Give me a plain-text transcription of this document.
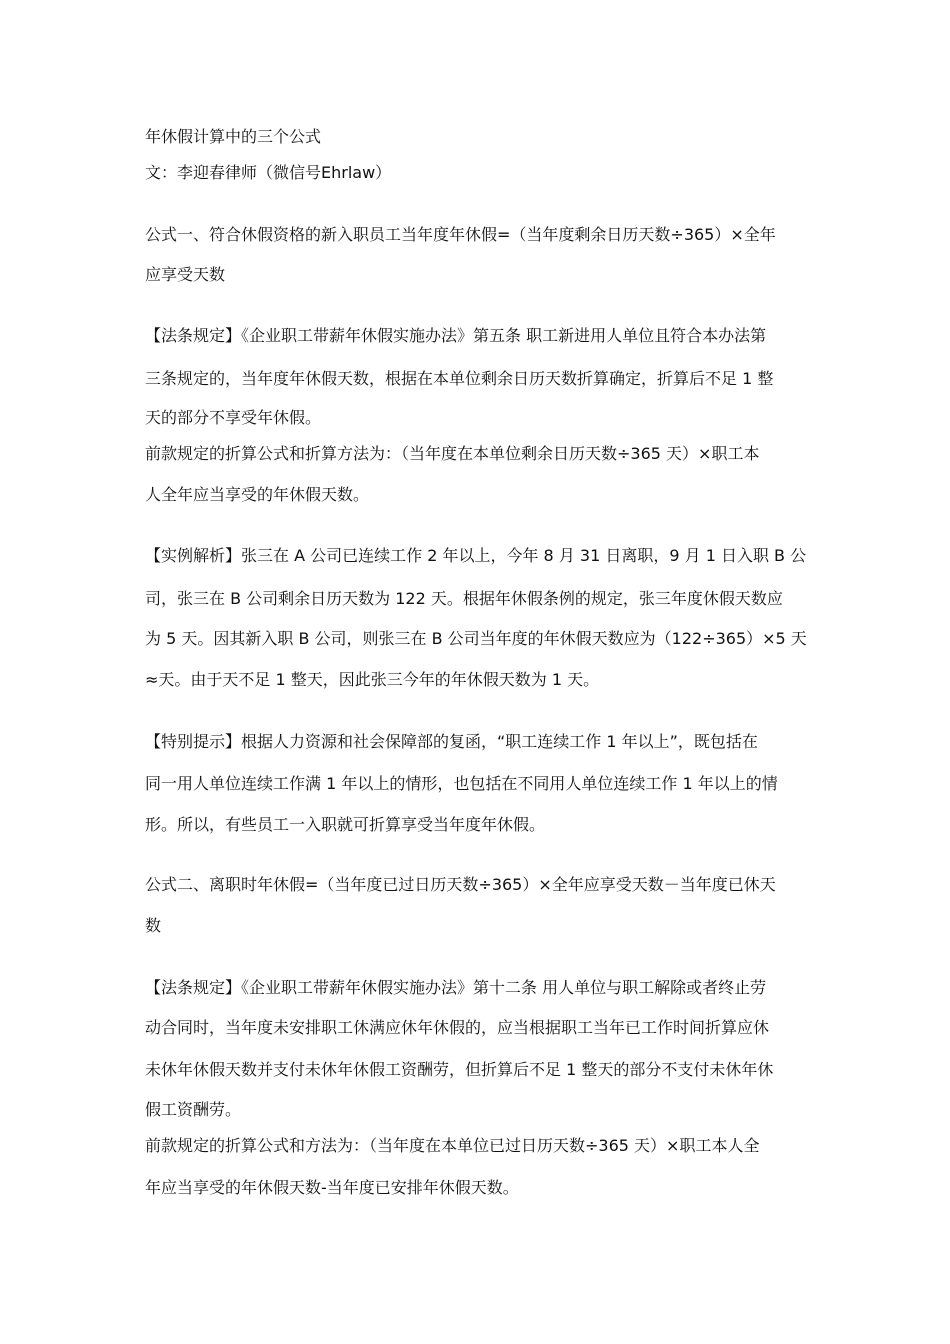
年休假计算中的三个公式
文：李迎春律师（微信号Ehrlaw）
公式一、符合休假资格的新入职员工当年度年休假=（当年度剩余日历天数÷365）×全年
应享受天数
【法条规定】《企业职工带薪年休假实施办法》第五条 职工新进用人单位且符合本办法第
三条规定的，当年度年休假天数，根据在本单位剩余日历天数折算确定，折算后不足 1 整
天的部分不享受年休假。
前款规定的折算公式和折算方法为：（当年度在本单位剩余日历天数÷365 天）×职工本
人全年应当享受的年休假天数。
【实例解析】张三在 A 公司已连续工作 2 年以上，今年 8 月 31 日离职，9 月 1 日入职 B 公
司，张三在 B 公司剩余日历天数为 122 天。根据年休假条例的规定，张三年度休假天数应
为 5 天。因其新入职 B 公司，则张三在 B 公司当年度的年休假天数应为（122÷365）×5 天
≈天。由于天不足 1 整天，因此张三今年的年休假天数为 1 天。
【特别提示】根据人力资源和社会保障部的复函，“职工连续工作 1 年以上”，既包括在
同一用人单位连续工作满 1 年以上的情形，也包括在不同用人单位连续工作 1 年以上的情
形。所以，有些员工一入职就可折算享受当年度年休假。
公式二、离职时年休假=（当年度已过日历天数÷365）×全年应享受天数－当年度已休天
数
【法条规定】《企业职工带薪年休假实施办法》第十二条 用人单位与职工解除或者终止劳
动合同时，当年度未安排职工休满应休年休假的，应当根据职工当年已工作时间折算应休
未休年休假天数并支付未休年休假工资酬劳，但折算后不足 1 整天的部分不支付未休年休
假工资酬劳。
前款规定的折算公式和方法为：（当年度在本单位已过日历天数÷365 天）×职工本人全
年应当享受的年休假天数-当年度已安排年休假天数。
